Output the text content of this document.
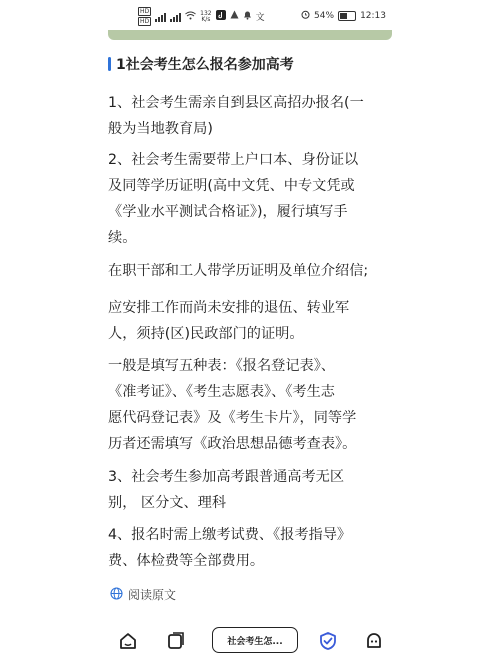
HD
HD
132
K/s	文	54%	12:13
1社会考生怎么报名参加高考
1、社会考生需亲自到县区高招办报名(一
般为当地教育局)
2、社会考生需要带上户口本、身份证以
及同等学历证明(高中文凭、中专文凭或
《学业水平测试合格证》)，履行填写手
续。
在职干部和工人带学历证明及单位介绍信;
应安排工作而尚未安排的退伍、转业军
人，须持(区)民政部门的证明。
一般是填写五种表：《报名登记表》、
《准考证》、《考生志愿表》、《考生志
愿代码登记表》及《考生卡片》，同等学
历者还需填写《政治思想品德考查表》。
3、社会考生参加高考跟普通高考无区
别， 区分文、理科
4、报名时需上缴考试费、《报考指导》
费、体检费等全部费用。
阅读原文
社会考生怎...
